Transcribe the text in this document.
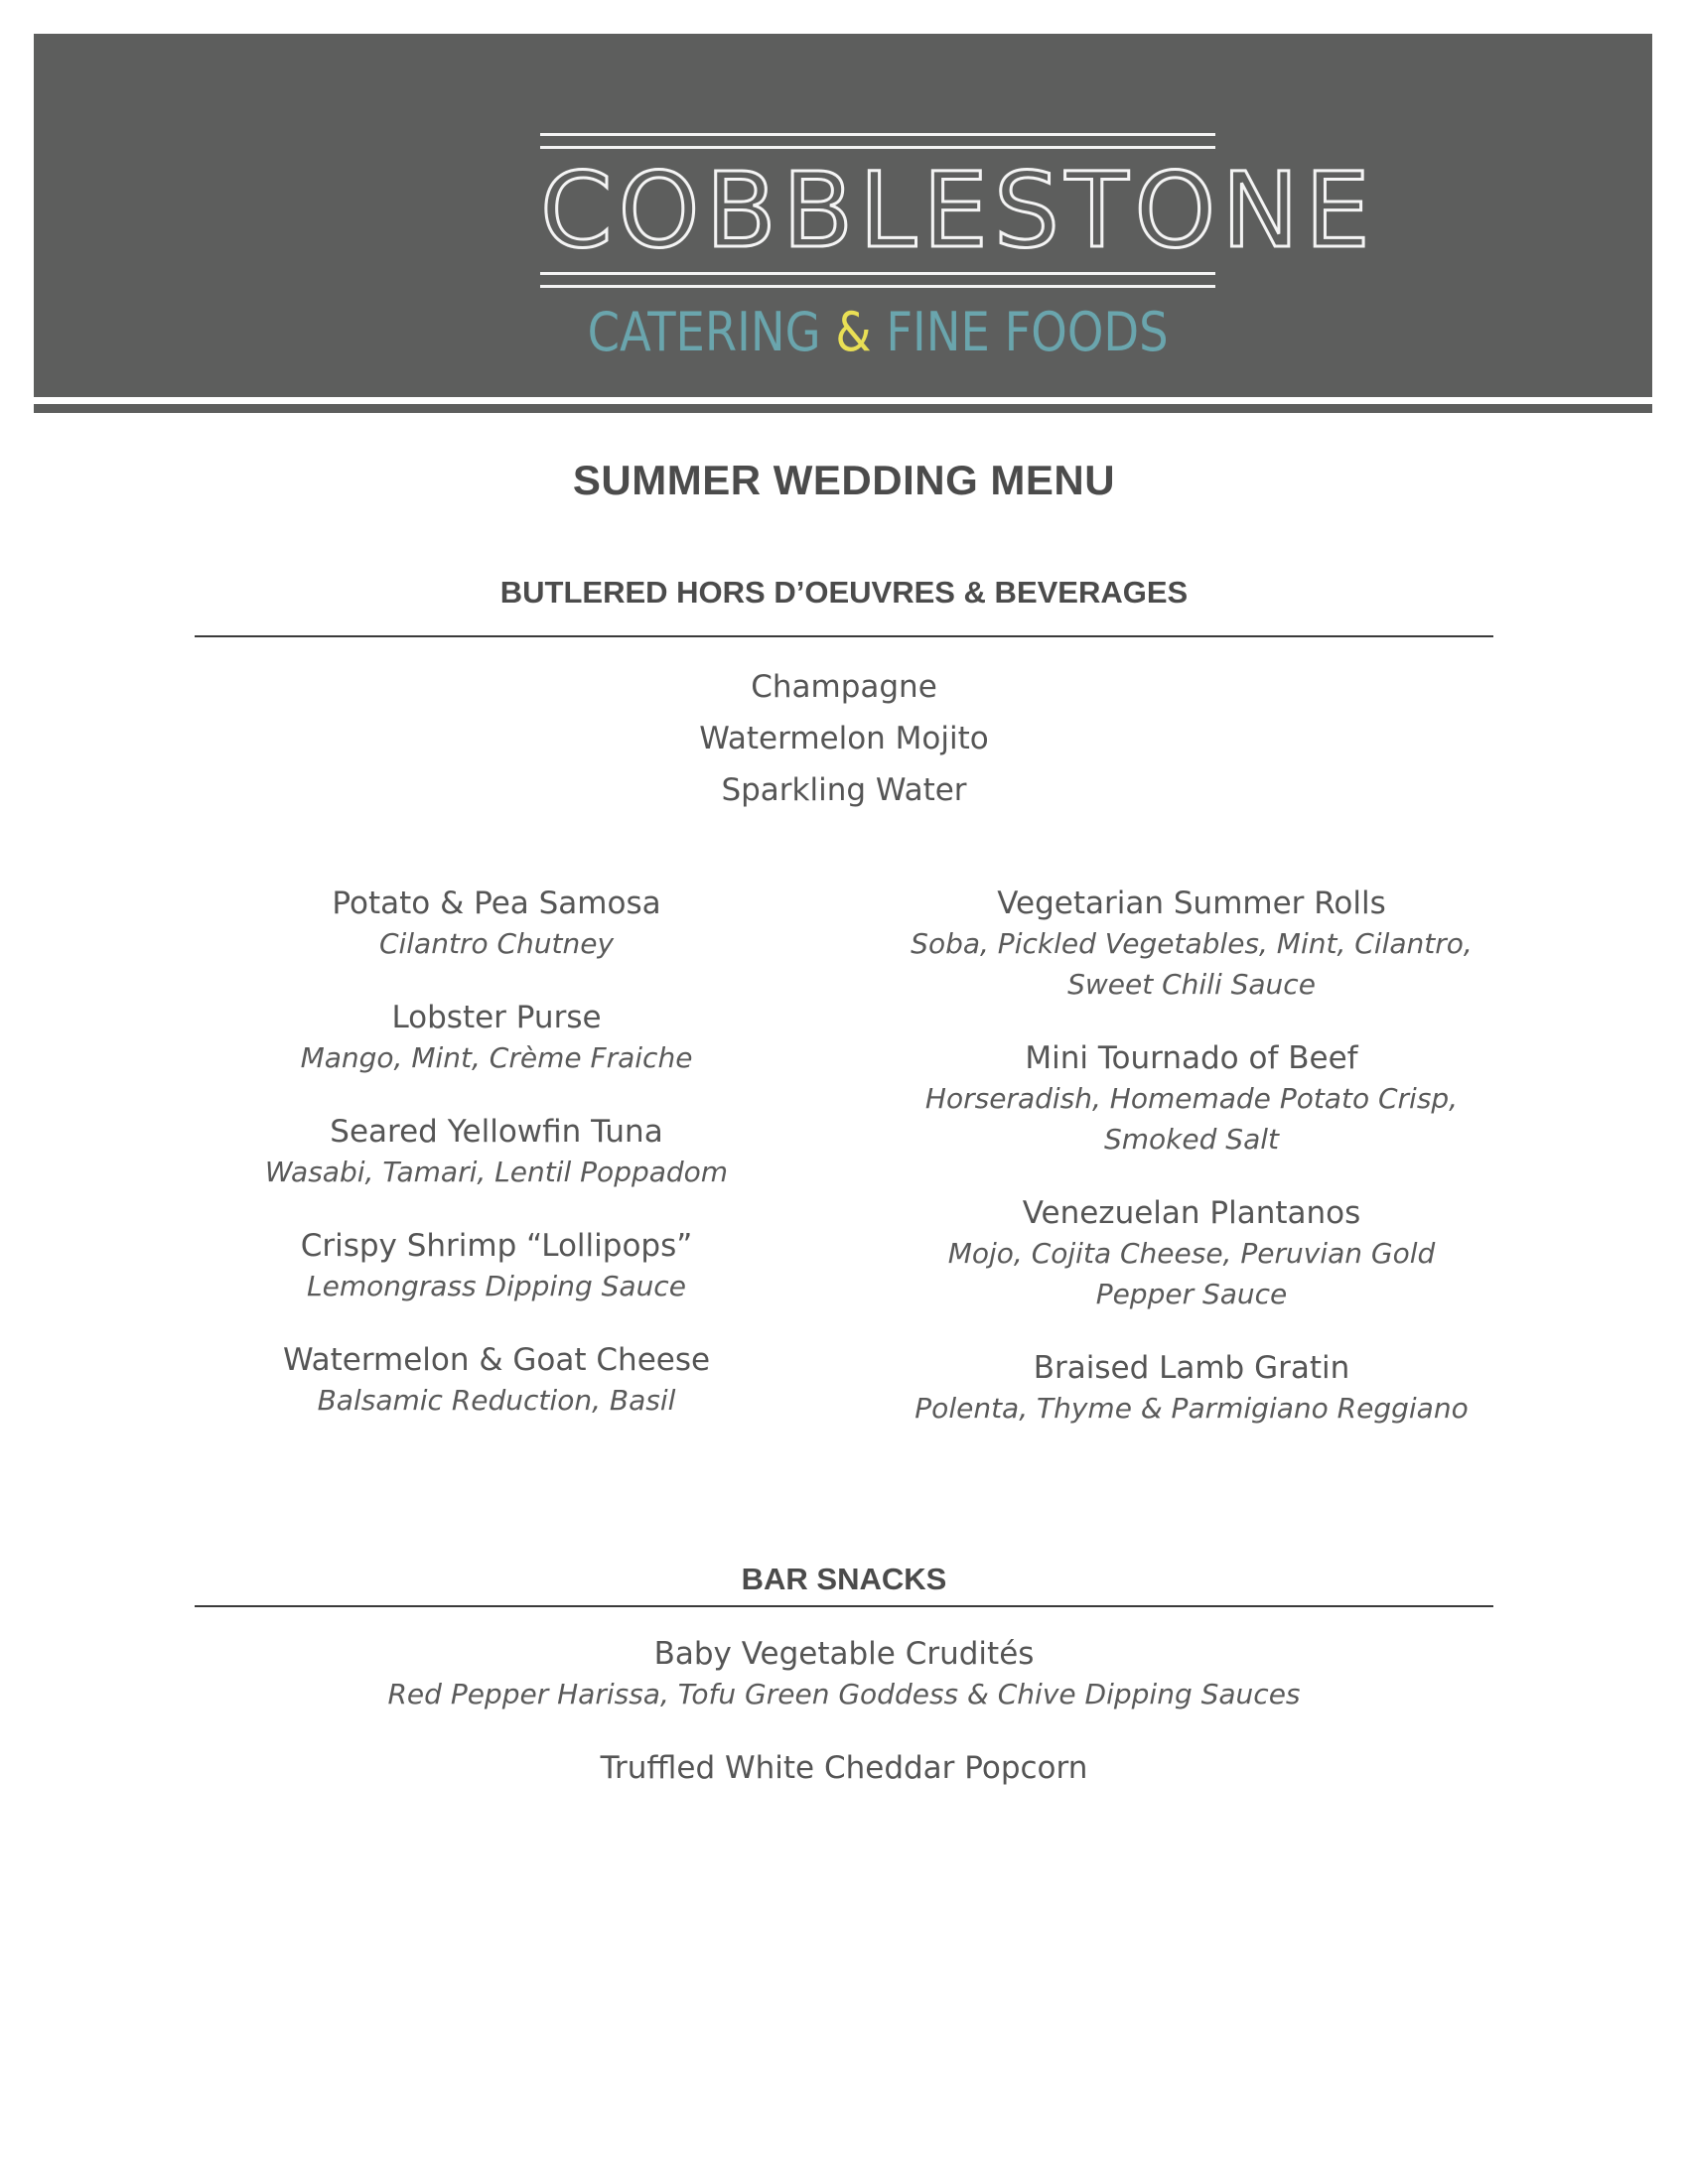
COBBLESTONE
CATERING & FINE FOODS
SUMMER WEDDING MENU
BUTLERED HORS D’OEUVRES & BEVERAGES
Champagne
Watermelon Mojito
Sparkling Water
Potato & Pea Samosa
Cilantro Chutney
Lobster Purse
Mango, Mint, Crème Fraiche
Seared Yellowfin Tuna
Wasabi, Tamari, Lentil Poppadom
Crispy Shrimp “Lollipops”
Lemongrass Dipping Sauce
Watermelon & Goat Cheese
Balsamic Reduction, Basil
Vegetarian Summer Rolls
Soba, Pickled Vegetables, Mint, Cilantro,
Sweet Chili Sauce
Mini Tournado of Beef
Horseradish, Homemade Potato Crisp,
Smoked Salt
Venezuelan Plantanos
Mojo, Cojita Cheese, Peruvian Gold
Pepper Sauce
Braised Lamb Gratin
Polenta, Thyme & Parmigiano Reggiano
BAR SNACKS
Baby Vegetable Crudités
Red Pepper Harissa, Tofu Green Goddess & Chive Dipping Sauces
Truffled White Cheddar Popcorn
